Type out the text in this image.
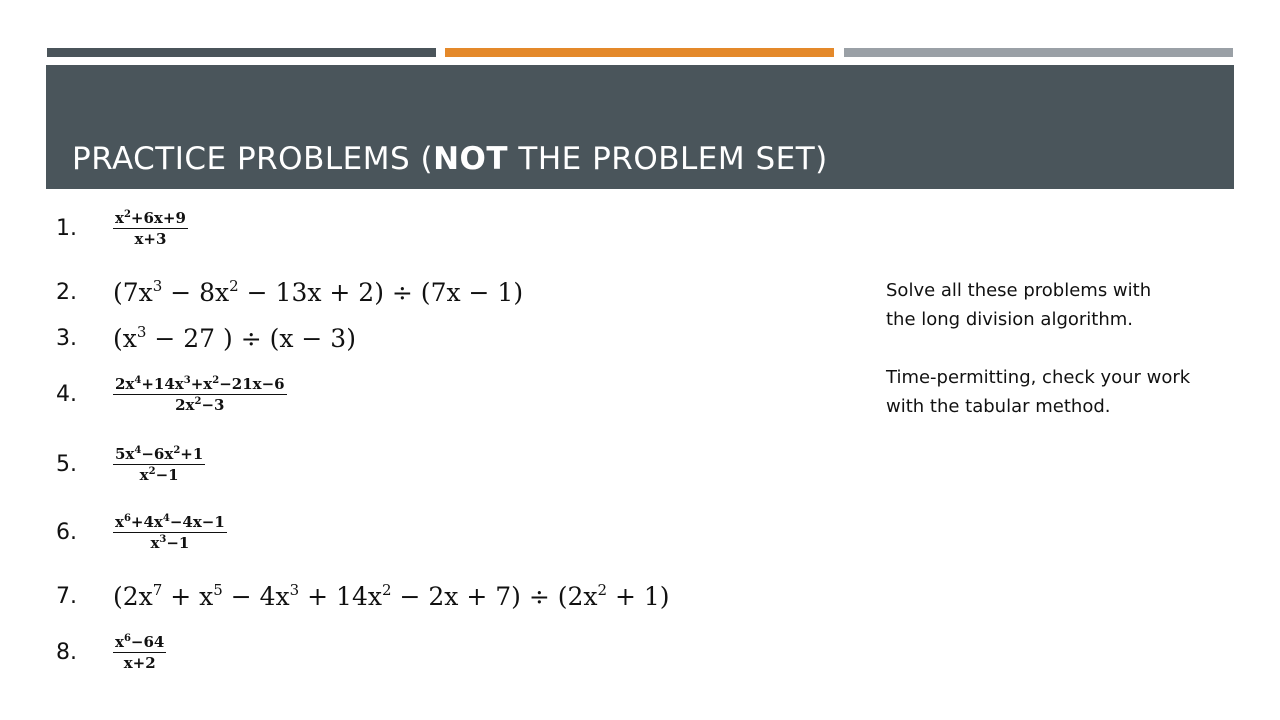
PRACTICE PROBLEMS (NOT THE PROBLEM SET)
1.	$\frac{x^2+6x+9}{x+3}$
2.	$(7x^3 - 8x^2 - 13x + 2) \div (7x - 1)$
3.	($x^3 - 27$ ) ÷ (x − 3)
4.	$\frac{2x^4+14x^3+x^2-21x-6}{2x^2-3}$
5.	$\frac{5x^4-6x^2+1}{x^2-1}$
6.	$\frac{x^6+4x^4-4x-1}{x^3-1}$
7.	$(2x^7 + x^5 - 4x^3 + 14x^2 - 2x + 7) \div (2x^2 + 1)$
8.	$\frac{x^6-64}{x+2}$

Solve all these problems with
the long division algorithm.

Time-permitting, check your work
with the tabular method.
